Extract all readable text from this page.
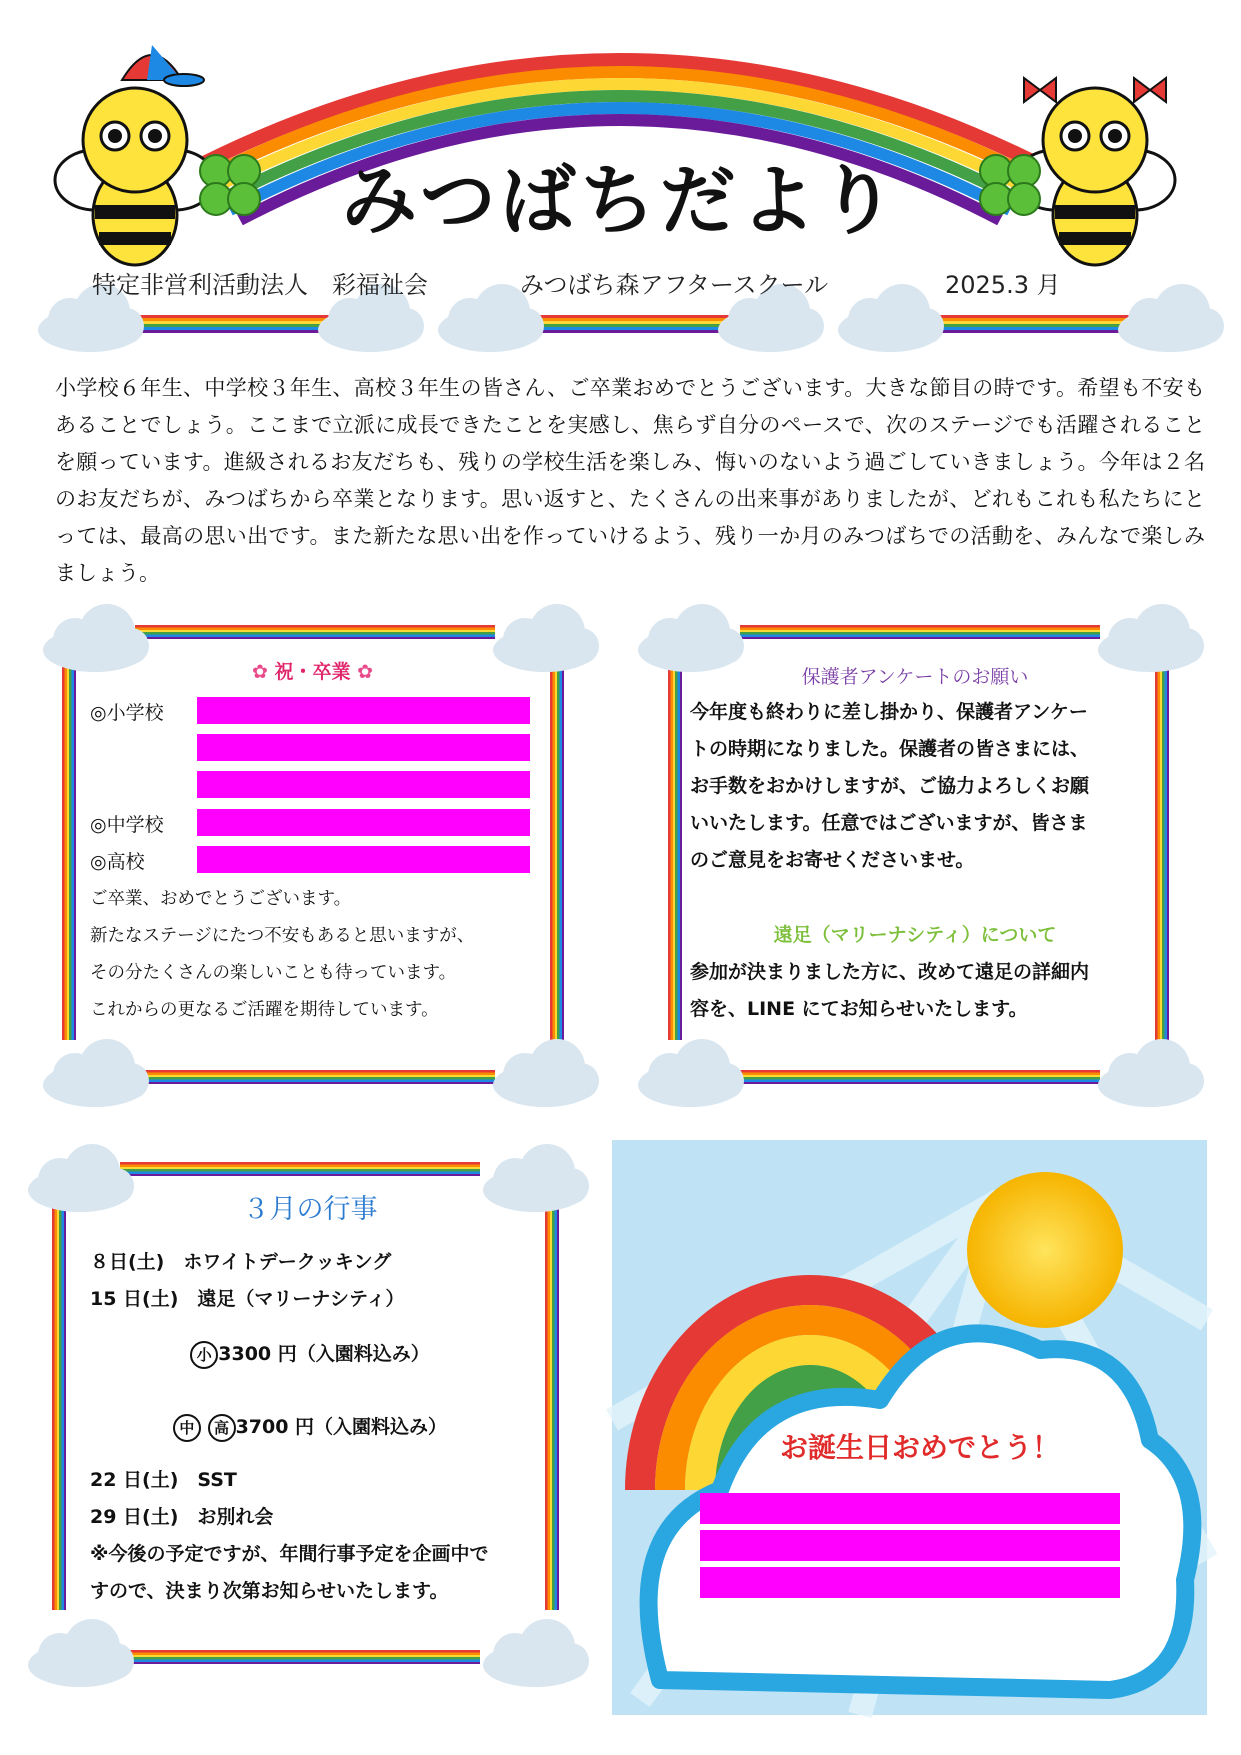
みつばちだより
特定非営利活動法人　彩福祉会	みつばち森アフタースクール	2025.3 月
小学校６年生、中学校３年生、高校３年生の皆さん、ご卒業おめでとうございます。大きな節目の時です。希望も不安もあることでしょう。ここまで立派に成長できたことを実感し、焦らず自分のペースで、次のステージでも活躍されることを願っています。進級されるお友だちも、残りの学校生活を楽しみ、悔いのないよう過ごしていきましょう。今年は２名のお友だちが、みつばちから卒業となります。思い返すと、たくさんの出来事がありましたが、どれもこれも私たちにとっては、最高の思い出です。また新たな思い出を作っていけるよう、残り一か月のみつばちでの活動を、みんなで楽しみましょう。
✿ 祝・卒業 ✿
◎小学校
◎中学校
◎高校
ご卒業、おめでとうございます。
新たなステージにたつ不安もあると思いますが、
その分たくさんの楽しいことも待っています。
これからの更なるご活躍を期待しています。
保護者アンケートのお願い
今年度も終わりに差し掛かり、保護者アンケー
トの時期になりました。保護者の皆さまには、
お手数をおかけしますが、ご協力よろしくお願
いいたします。任意ではございますが、皆さま
のご意見をお寄せくださいませ。
遠足（マリーナシティ）について
参加が決まりました方に、改めて遠足の詳細内
容を、LINE にてお知らせいたします。
３月の行事
８日(土)　ホワイトデークッキング
15 日(土)　遠足（マリーナシティ）
小 3300 円（入園料込み）
中 高 3700 円（入園料込み）
22 日(土)　SST
29 日(土)　お別れ会
※今後の予定ですが、年間行事予定を企画中で
すので、決まり次第お知らせいたします。
お誕生日おめでとう！
